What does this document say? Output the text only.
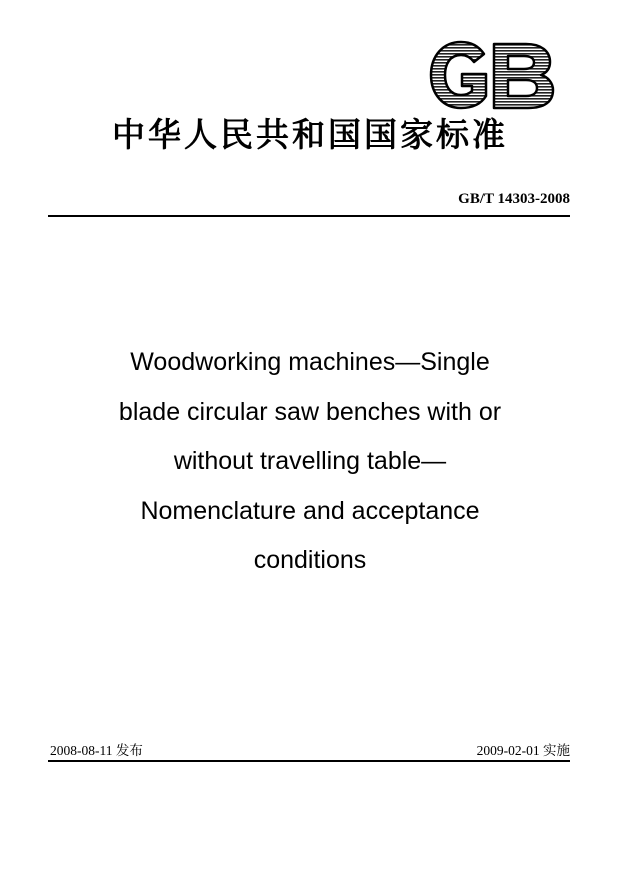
中华人民共和国国家标准
GB/T 14303-2008
Woodworking machines—Single
blade circular saw benches with or
without travelling table—
Nomenclature and acceptance
conditions
2008-08-11 发布	2009-02-01 实施
